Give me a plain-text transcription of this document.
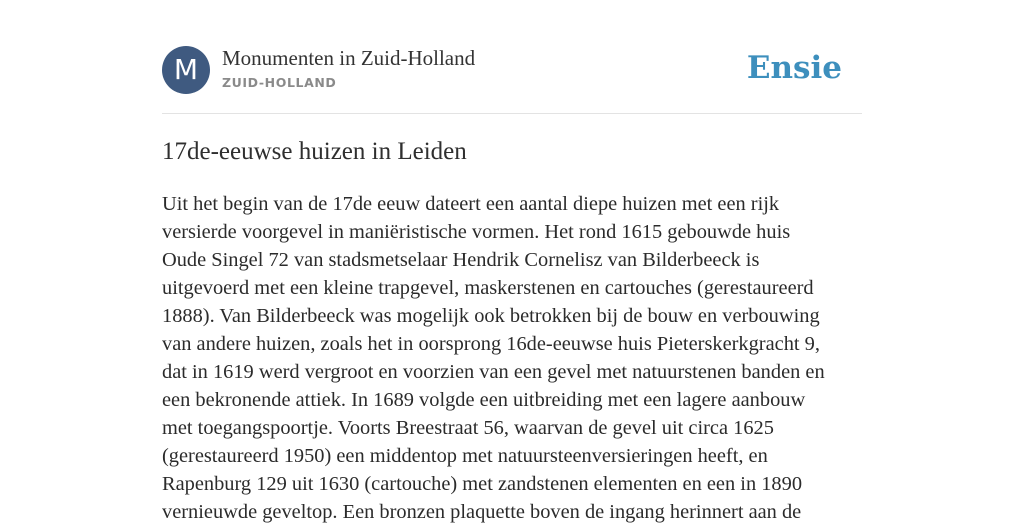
M	Monumenten in Zuid-Holland
ZUID-HOLLAND	Ensie
17de-eeuwse huizen in Leiden
Uit het begin van de 17de eeuw dateert een aantal diepe huizen met een rijk
versierde voorgevel in maniëristische vormen. Het rond 1615 gebouwde huis
Oude Singel 72 van stadsmetselaar Hendrik Cornelisz van Bilderbeeck is
uitgevoerd met een kleine trapgevel, maskerstenen en cartouches (gerestaureerd
1888). Van Bilderbeeck was mogelijk ook betrokken bij de bouw en verbouwing
van andere huizen, zoals het in oorsprong 16de-eeuwse huis Pieterskerkgracht 9,
dat in 1619 werd vergroot en voorzien van een gevel met natuurstenen banden en
een bekronende attiek. In 1689 volgde een uitbreiding met een lagere aanbouw
met toegangspoortje. Voorts Breestraat 56, waarvan de gevel uit circa 1625
(gerestaureerd 1950) een middentop met natuursteenversieringen heeft, en
Rapenburg 129 uit 1630 (cartouche) met zandstenen elementen en een in 1890
vernieuwde geveltop. Een bronzen plaquette boven de ingang herinnert aan de
